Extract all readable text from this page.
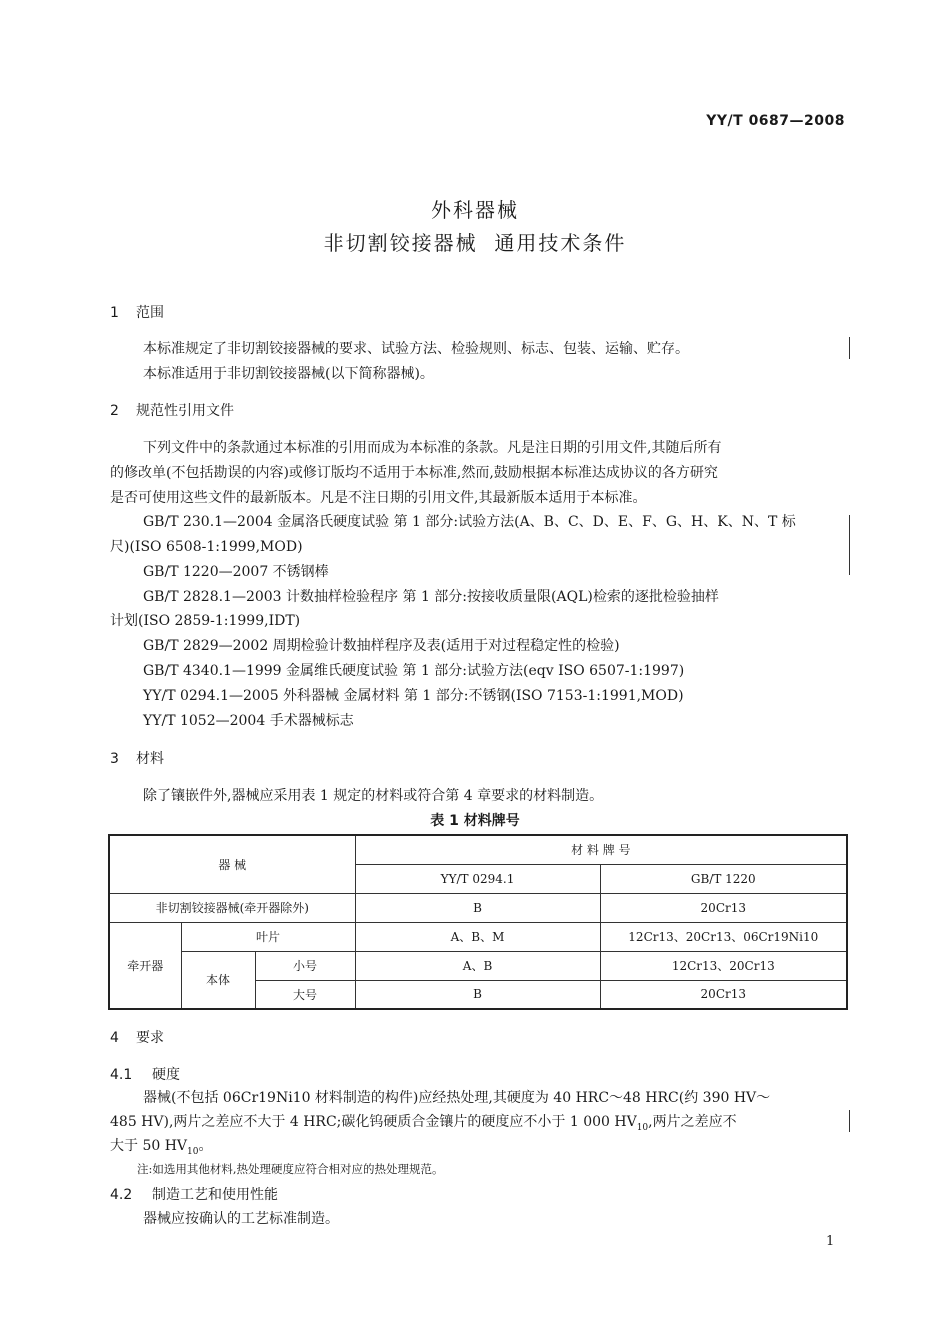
YY/T 0687—2008
外科器械
非切割铰接器械  通用技术条件
1 范围
本标准规定了非切割铰接器械的要求、试验方法、检验规则、标志、包装、运输、贮存。
本标准适用于非切割铰接器械(以下简称器械)。
2 规范性引用文件
下列文件中的条款通过本标准的引用而成为本标准的条款。凡是注日期的引用文件,其随后所有
的修改单(不包括勘误的内容)或修订版均不适用于本标准,然而,鼓励根据本标准达成协议的各方研究
是否可使用这些文件的最新版本。凡是不注日期的引用文件,其最新版本适用于本标准。
GB/T 230.1—2004 金属洛氏硬度试验 第 1 部分:试验方法(A、B、C、D、E、F、G、H、K、N、T 标
尺)(ISO 6508-1:1999,MOD)
GB/T 1220—2007 不锈钢棒
GB/T 2828.1—2003 计数抽样检验程序 第 1 部分:按接收质量限(AQL)检索的逐批检验抽样
计划(ISO 2859-1:1999,IDT)
GB/T 2829—2002 周期检验计数抽样程序及表(适用于对过程稳定性的检验)
GB/T 4340.1—1999 金属维氏硬度试验 第 1 部分:试验方法(eqv ISO 6507-1:1997)
YY/T 0294.1—2005 外科器械 金属材料 第 1 部分:不锈钢(ISO 7153-1:1991,MOD)
YY/T 1052—2004 手术器械标志
3 材料
除了镶嵌件外,器械应采用表 1 规定的材料或符合第 4 章要求的材料制造。
表 1 材料牌号
器 械			材 料 牌 号	
			YY/T 0294.1	GB/T 1220
非切割铰接器械(牵开器除外)			B	20Cr13
牵开器	叶片		A、B、M	12Cr13、20Cr13、06Cr19Ni10
	本体	小号	A、B	12Cr13、20Cr13
		大号	B	20Cr13
4 要求
4.1 硬度
器械(不包括 06Cr19Ni10 材料制造的构件)应经热处理,其硬度为 40 HRC～48 HRC(约 390 HV～
485 HV),两片之差应不大于 4 HRC;碳化钨硬质合金镶片的硬度应不小于 1 000 $HV_{10}$,两片之差应不
大于 50 $HV_{10}$。
注:如选用其他材料,热处理硬度应符合相对应的热处理规范。
4.2 制造工艺和使用性能
器械应按确认的工艺标准制造。
1
